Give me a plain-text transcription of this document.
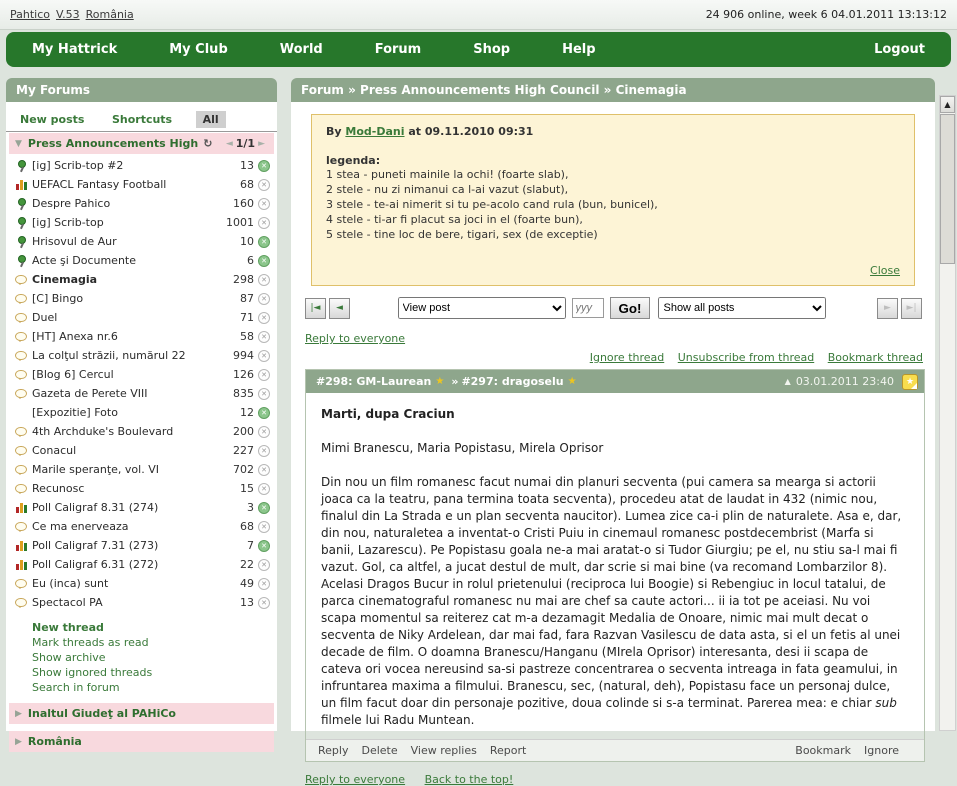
Pahtico V.53 România	24 906 online, week 6 04.01.2011 13:13:12
My Hattrick	My Club	World	Forum	Shop	Help	Logout
My Forums
New posts	Shortcuts	All
▼ Press Announcements High ↻ ◄ 1/1 ►
[ig] Scrib-top #2	13
✕
UEFACL Fantasy Football	68
✕
Despre Pahico	160
✕
[ig] Scrib-top	1001
✕
Hrisovul de Aur	10
✕
Acte şi Documente	6
✕
Cinemagia	298
✕
[C] Bingo	87
✕
Duel	71
✕
[HT] Anexa nr.6	58
✕
La colţul străzii, numărul 22	994
✕
[Blog 6] Cercul	126
✕
Gazeta de Perete VIII	835
✕
[Expozitie] Foto	12
✕
4th Archduke's Boulevard	200
✕
Conacul	227
✕
Marile speranţe, vol. VI	702
✕
Recunosc	15
✕
Poll Caligraf 8.31 (274)	3
✕
Ce ma enerveaza	68
✕
Poll Caligraf 7.31 (273)	7
✕
Poll Caligraf 6.31 (272)	22
✕
Eu (inca) sunt	49
✕
Spectacol PA	13
✕
New thread
Mark threads as read
Show archive
Show ignored threads
Search in forum
▶ Inaltul Giudeţ al PAHiCo
▶ România
Forum » Press Announcements High Council » Cinemagia
By Mod-Dani at 09.11.2010 09:31
legenda:
1 stea - puneti mainile la ochi! (foarte slab),
2 stele - nu zi nimanui ca l-ai vazut (slabut),
3 stele - te-ai nimerit si tu pe-acolo cand rula (bun, bunicel),
4 stele - ti-ar fi placut sa joci in el (foarte bun),
5 stele - tine loc de bere, tigari, sex (de exceptie)
Close
|◄	◄
View post
yyy	Go!
Show all posts	►	►|
Reply to everyone
Ignore thread Unsubscribe from thread Bookmark thread
#298: GM-Laurean ★ » #297: dragoselu ★	▲ 03.01.2011 23:40	★
Marti, dupa Craciun
Mimi Branescu, Maria Popistasu, Mirela Oprisor
Din nou un film romanesc facut numai din planuri secventa (pui camera sa mearga si actorii joaca ca la teatru, pana termina toata secventa), procedeu atat de laudat in 432 (nimic nou, finalul din La Strada e un plan secventa naucitor). Lumea zice ca-i plin de naturalete. Asa e, dar, din nou, naturaletea a inventat-o Cristi Puiu in cinemaul romanesc postdecembrist (Marfa si banii, Lazarescu). Pe Popistasu goala ne-a mai aratat-o si Tudor Giurgiu; pe el, nu stiu sa-l mai fi vazut. Gol, ca altfel, a jucat destul de mult, dar scrie si mai bine (va recomand Lombarzilor 8). Acelasi Dragos Bucur in rolul prietenului (reciproca lui Boogie) si Rebengiuc in locul tatalui, de parca cinematograful romanesc nu mai are chef sa caute actori... ii ia tot pe aceiasi. Nu voi scapa momentul sa reiterez cat m-a dezamagit Medalia de Onoare, nimic mai mult decat o secventa de Niky Ardelean, dar mai fad, fara Razvan Vasilescu de data asta, si el un fetis al unei decade de film. O doamna Branescu/Hanganu (MIrela Oprisor) interesanta, desi ii scapa de cateva ori vocea nereusind sa-si pastreze concentrarea o secventa intreaga in fata geamului, in infruntarea maxima a filmului. Branescu, sec, (natural, deh), Popistasu face un personaj dulce, un film facut doar din personaje pozitive, doua colinde si s-a terminat. Parerea mea: e chiar sub filmele lui Radu Muntean.
Reply Delete View replies Report	Bookmark Ignore
Reply to everyone Back to the top!
▲
